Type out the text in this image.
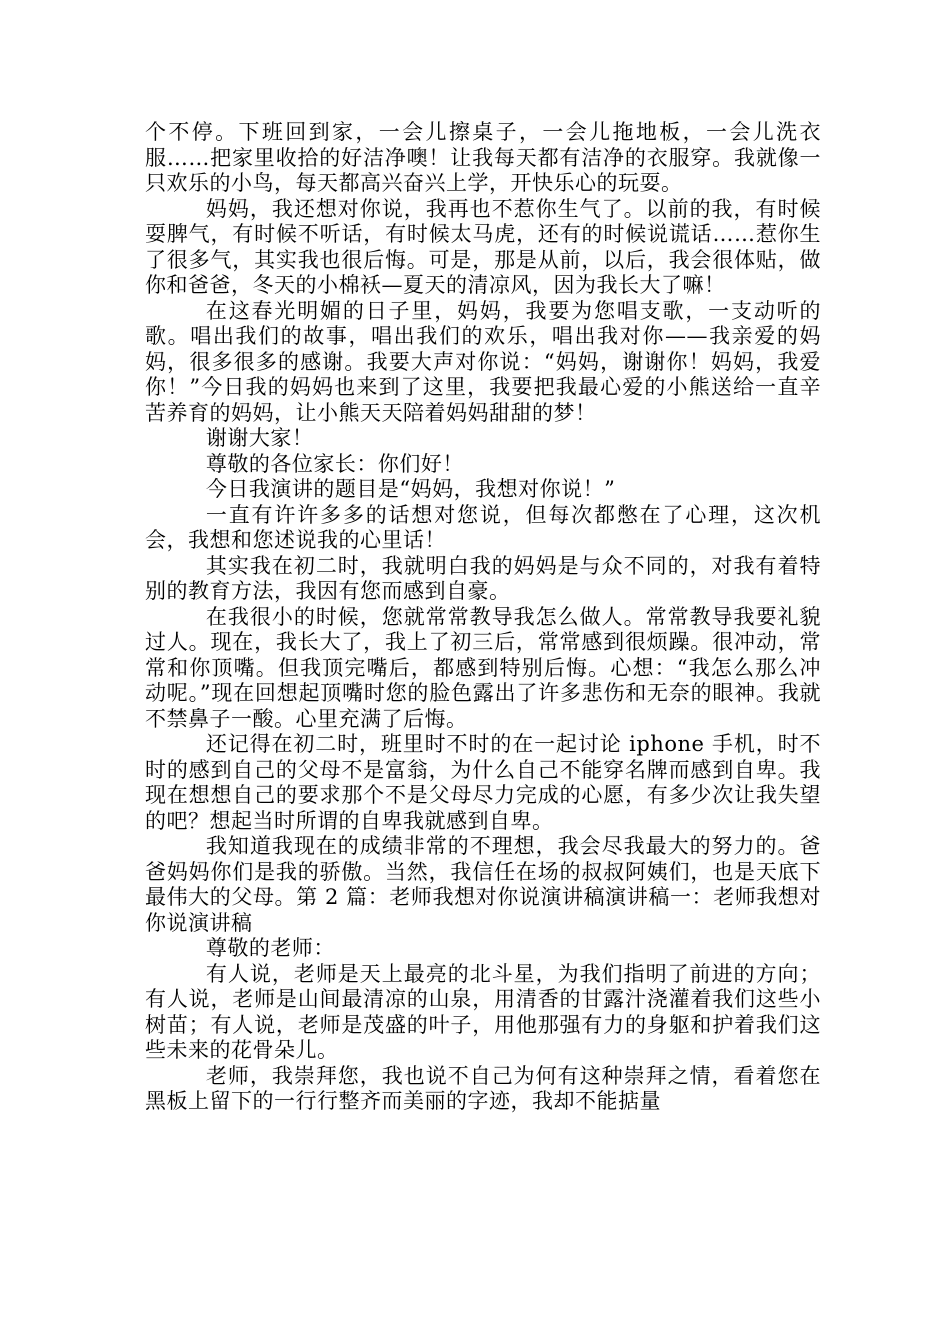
个不停。下班回到家，一会儿擦桌子，一会儿拖地板，一会儿洗衣服……把家里收拾的好洁净噢！让我每天都有洁净的衣服穿。我就像一只欢乐的小鸟，每天都高兴奋兴上学，开快乐心的玩耍。

妈妈，我还想对你说，我再也不惹你生气了。以前的我，有时候耍脾气，有时候不听话，有时候太马虎，还有的时候说谎话……惹你生了很多气，其实我也很后悔。可是，那是从前，以后，我会很体贴，做你和爸爸，冬天的小棉袄—夏天的清凉风，因为我长大了嘛！

在这春光明媚的日子里，妈妈，我要为您唱支歌，一支动听的歌。唱出我们的故事，唱出我们的欢乐，唱出我对你——我亲爱的妈妈，很多很多的感谢。我要大声对你说：“妈妈，谢谢你！妈妈，我爱你！”今日我的妈妈也来到了这里，我要把我最心爱的小熊送给一直辛苦养育的妈妈，让小熊天天陪着妈妈甜甜的梦！

谢谢大家！

尊敬的各位家长：你们好！

今日我演讲的题目是“妈妈，我想对你说！”

一直有许许多多的话想对您说，但每次都憋在了心理，这次机会，我想和您述说我的心里话！

其实我在初二时，我就明白我的妈妈是与众不同的，对我有着特别的教育方法，我因有您而感到自豪。

在我很小的时候，您就常常教导我怎么做人。常常教导我要礼貌过人。现在，我长大了，我上了初三后，常常感到很烦躁。很冲动，常常和你顶嘴。但我顶完嘴后，都感到特别后悔。心想：“我怎么那么冲动呢。”现在回想起顶嘴时您的脸色露出了许多悲伤和无奈的眼神。我就不禁鼻子一酸。心里充满了后悔。

还记得在初二时，班里时不时的在一起讨论 iphone 手机，时不时的感到自己的父母不是富翁，为什么自己不能穿名牌而感到自卑。我现在想想自己的要求那个不是父母尽力完成的心愿，有多少次让我失望的吧？想起当时所谓的自卑我就感到自卑。

我知道我现在的成绩非常的不理想，我会尽我最大的努力的。爸爸妈妈你们是我的骄傲。当然，我信任在场的叔叔阿姨们，也是天底下最伟大的父母。第 2 篇：老师我想对你说演讲稿演讲稿一：老师我想对你说演讲稿

尊敬的老师：

有人说，老师是天上最亮的北斗星，为我们指明了前进的方向；有人说，老师是山间最清凉的山泉，用清香的甘露汁浇灌着我们这些小树苗；有人说，老师是茂盛的叶子，用他那强有力的身躯和护着我们这些未来的花骨朵儿。

老师，我崇拜您，我也说不自己为何有这种崇拜之情，看着您在黑板上留下的一行行整齐而美丽的字迹，我却不能掂量
